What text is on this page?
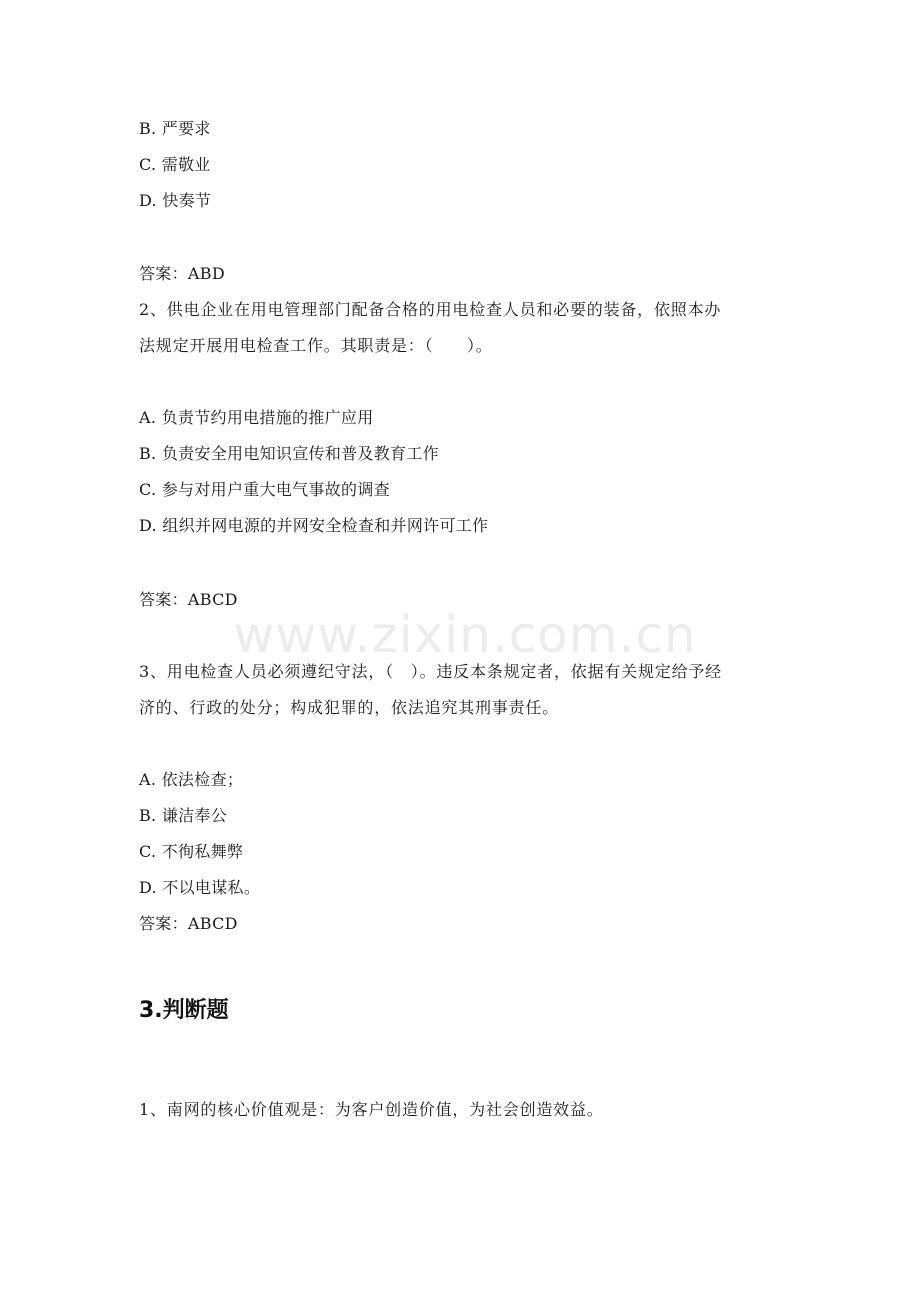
B. 严要求
C. 需敬业
D. 快奏节
答案：ABD
2、供电企业在用电管理部门配备合格的用电检查人员和必要的装备，依照本办
法规定开展用电检查工作。其职责是：（　　）。
A. 负责节约用电措施的推广应用
B. 负责安全用电知识宣传和普及教育工作
C. 参与对用户重大电气事故的调查
D. 组织并网电源的并网安全检查和并网许可工作
答案：ABCD
www.zixin.com.cn
3、用电检查人员必须遵纪守法，（　）。违反本条规定者，依据有关规定给予经
济的、行政的处分；构成犯罪的，依法追究其刑事责任。
A. 依法检查；
B. 谦洁奉公
C. 不徇私舞弊
D. 不以电谋私。
答案：ABCD
3.判断题
1、南网的核心价值观是：为客户创造价值，为社会创造效益。
